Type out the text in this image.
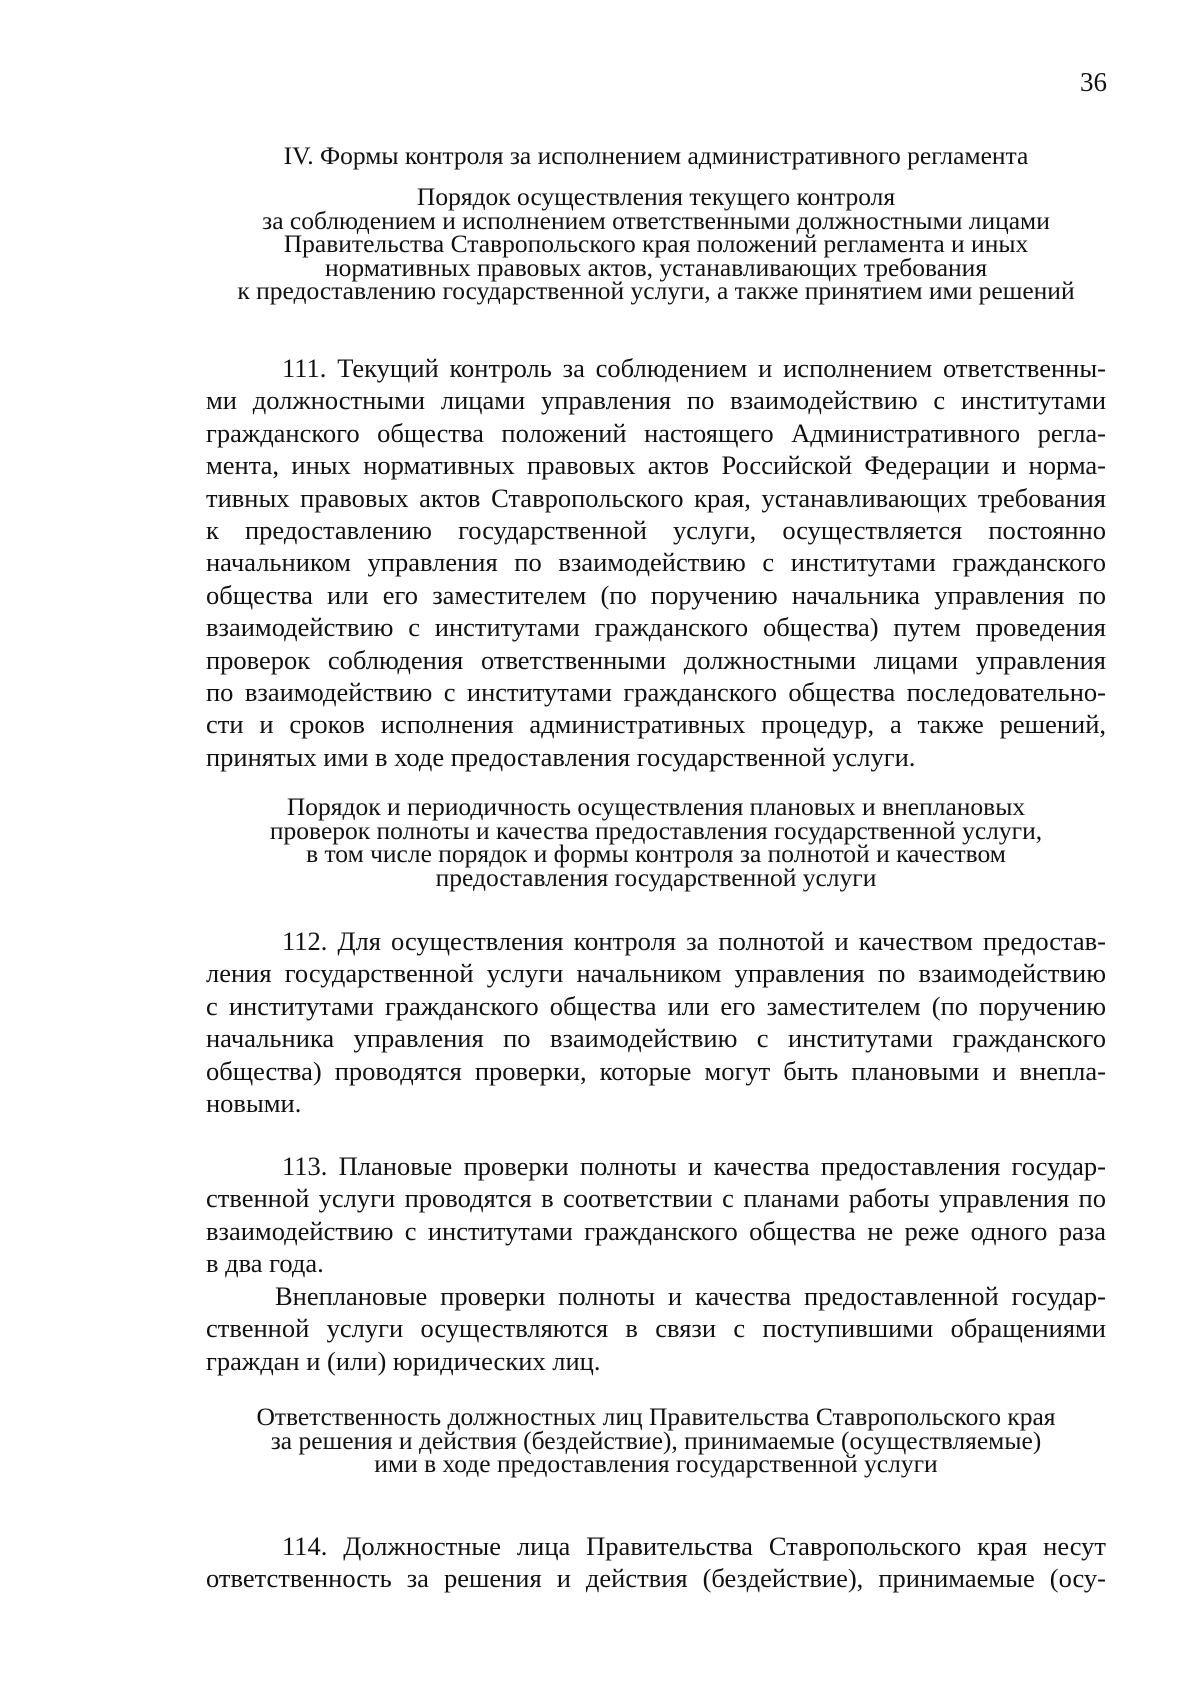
36
IV. Формы контроля за исполнением административного регламента
Порядок осуществления текущего контроля
за соблюдением и исполнением ответственными должностными лицами
Правительства Ставропольского края положений регламента и иных
нормативных правовых актов, устанавливающих требования
к предоставлению государственной услуги, а также принятием ими решений
111. Текущий контроль за соблюдением и исполнением ответственны-
ми должностными лицами управления по взаимодействию с институтами
гражданского общества положений настоящего Административного регла-
мента, иных нормативных правовых актов Российской Федерации и норма-
тивных правовых актов Ставропольского края, устанавливающих требования
к предоставлению государственной услуги, осуществляется постоянно
начальником управления по взаимодействию с институтами гражданского
общества или его заместителем (по поручению начальника управления по
взаимодействию с институтами гражданского общества) путем проведения
проверок соблюдения ответственными должностными лицами управления
по взаимодействию с институтами гражданского общества последовательно-
сти и сроков исполнения административных процедур, а также решений,
принятых ими в ходе предоставления государственной услуги.
Порядок и периодичность осуществления плановых и внеплановых
проверок полноты и качества предоставления государственной услуги,
в том числе порядок и формы контроля за полнотой и качеством
предоставления государственной услуги
112. Для осуществления контроля за полнотой и качеством предостав-
ления государственной услуги начальником управления по взаимодействию
с институтами гражданского общества или его заместителем (по поручению
начальника управления по взаимодействию с институтами гражданского
общества) проводятся проверки, которые могут быть плановыми и внепла-
новыми.
113. Плановые проверки полноты и качества предоставления государ-
ственной услуги проводятся в соответствии с планами работы управления по
взаимодействию с институтами гражданского общества не реже одного раза
в два года.
Внеплановые проверки полноты и качества предоставленной государ-
ственной услуги осуществляются в связи с поступившими обращениями
граждан и (или) юридических лиц.
Ответственность должностных лиц Правительства Ставропольского края
за решения и действия (бездействие), принимаемые (осуществляемые)
ими в ходе предоставления государственной услуги
114. Должностные лица Правительства Ставропольского края несут
ответственность за решения и действия (бездействие), принимаемые (осу-
